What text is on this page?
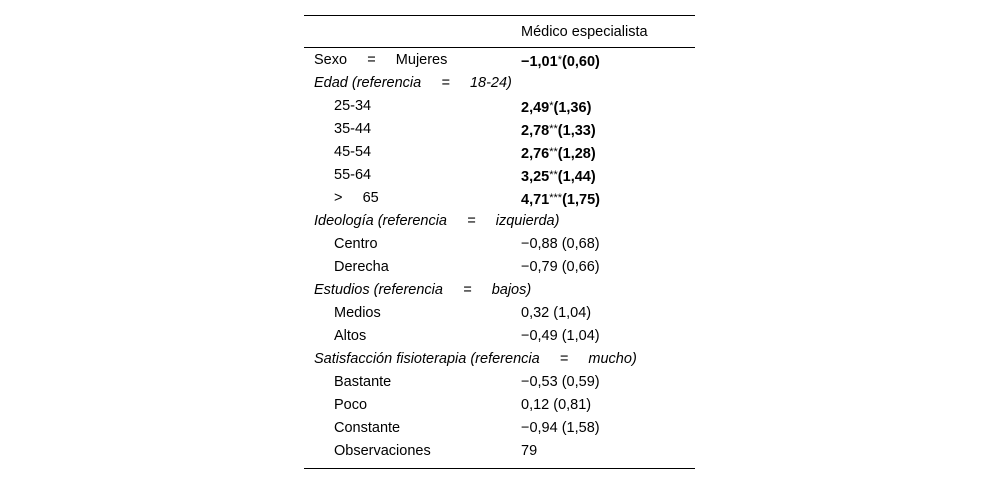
Médico especialista
Sexo     =     Mujeres	−1,01*(0,60)
Edad (referencia     =     18-24)
25-34	2,49*(1,36)
35-44	2,78**(1,33)
45-54	2,76**(1,28)
55-64	3,25**(1,44)
>     65	4,71***(1,75)
Ideología (referencia     =     izquierda)
Centro	−0,88 (0,68)
Derecha	−0,79 (0,66)
Estudios (referencia     =     bajos)
Medios	0,32 (1,04)
Altos	−0,49 (1,04)
Satisfacción fisioterapia (referencia     =     mucho)
Bastante	−0,53 (0,59)
Poco	0,12 (0,81)
Constante	−0,94 (1,58)
Observaciones	79
